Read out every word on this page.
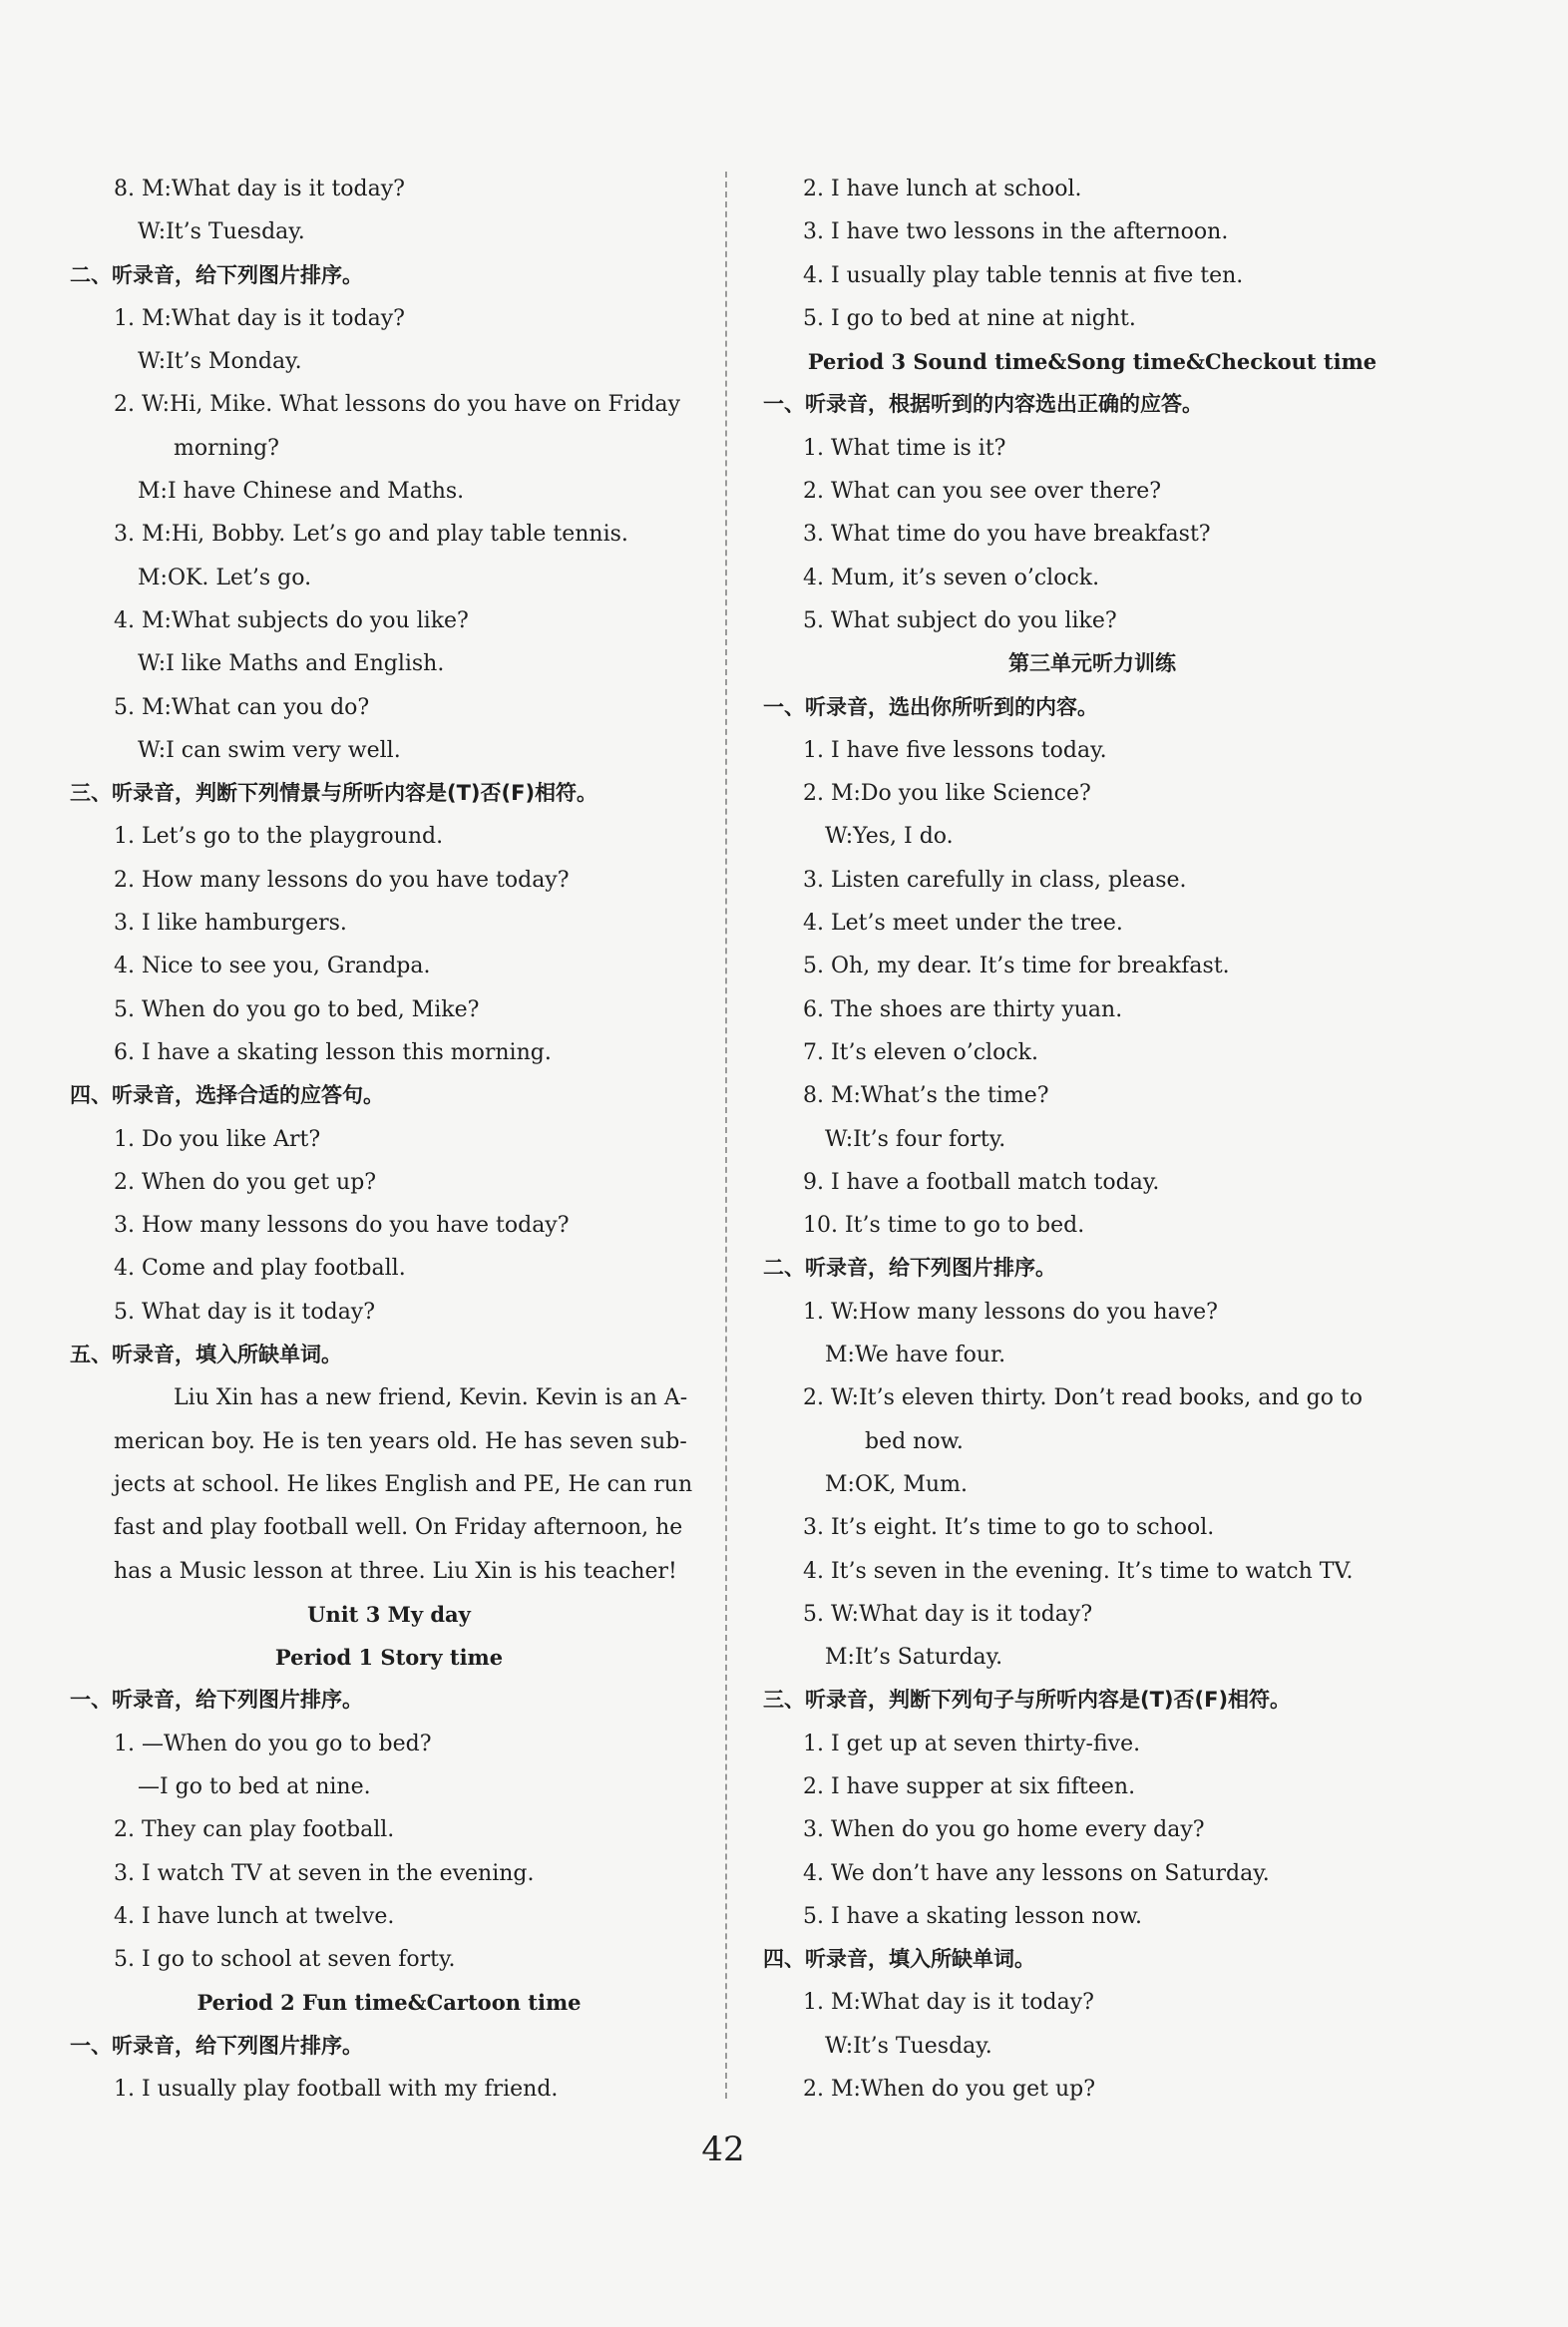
8. M:What day is it today?
W:It’s Tuesday.
二、听录音，给下列图片排序。
1. M:What day is it today?
W:It’s Monday.
2. W:Hi, Mike. What lessons do you have on Friday
morning?
M:I have Chinese and Maths.
3. M:Hi, Bobby. Let’s go and play table tennis.
M:OK. Let’s go.
4. M:What subjects do you like?
W:I like Maths and English.
5. M:What can you do?
W:I can swim very well.
三、听录音，判断下列情景与所听内容是(T)否(F)相符。
1. Let’s go to the playground.
2. How many lessons do you have today?
3. I like hamburgers.
4. Nice to see you, Grandpa.
5. When do you go to bed, Mike?
6. I have a skating lesson this morning.
四、听录音，选择合适的应答句。
1. Do you like Art?
2. When do you get up?
3. How many lessons do you have today?
4. Come and play football.
5. What day is it today?
五、听录音，填入所缺单词。
Liu Xin has a new friend, Kevin. Kevin is an A-
merican boy. He is ten years old. He has seven sub-
jects at school. He likes English and PE, He can run
fast and play football well. On Friday afternoon, he
has a Music lesson at three. Liu Xin is his teacher!
Unit 3 My day
Period 1 Story time
一、听录音，给下列图片排序。
1. —When do you go to bed?
—I go to bed at nine.
2. They can play football.
3. I watch TV at seven in the evening.
4. I have lunch at twelve.
5. I go to school at seven forty.
Period 2 Fun time&Cartoon time
一、听录音，给下列图片排序。
1. I usually play football with my friend.
2. I have lunch at school.
3. I have two lessons in the afternoon.
4. I usually play table tennis at five ten.
5. I go to bed at nine at night.
Period 3 Sound time&Song time&Checkout time
一、听录音，根据听到的内容选出正确的应答。
1. What time is it?
2. What can you see over there?
3. What time do you have breakfast?
4. Mum, it’s seven o’clock.
5. What subject do you like?
第三单元听力训练
一、听录音，选出你所听到的内容。
1. I have five lessons today.
2. M:Do you like Science?
W:Yes, I do.
3. Listen carefully in class, please.
4. Let’s meet under the tree.
5. Oh, my dear. It’s time for breakfast.
6. The shoes are thirty yuan.
7. It’s eleven o’clock.
8. M:What’s the time?
W:It’s four forty.
9. I have a football match today.
10. It’s time to go to bed.
二、听录音，给下列图片排序。
1. W:How many lessons do you have?
M:We have four.
2. W:It’s eleven thirty. Don’t read books, and go to
bed now.
M:OK, Mum.
3. It’s eight. It’s time to go to school.
4. It’s seven in the evening. It’s time to watch TV.
5. W:What day is it today?
M:It’s Saturday.
三、听录音，判断下列句子与所听内容是(T)否(F)相符。
1. I get up at seven thirty-five.
2. I have supper at six fifteen.
3. When do you go home every day?
4. We don’t have any lessons on Saturday.
5. I have a skating lesson now.
四、听录音，填入所缺单词。
1. M:What day is it today?
W:It’s Tuesday.
2. M:When do you get up?
42
